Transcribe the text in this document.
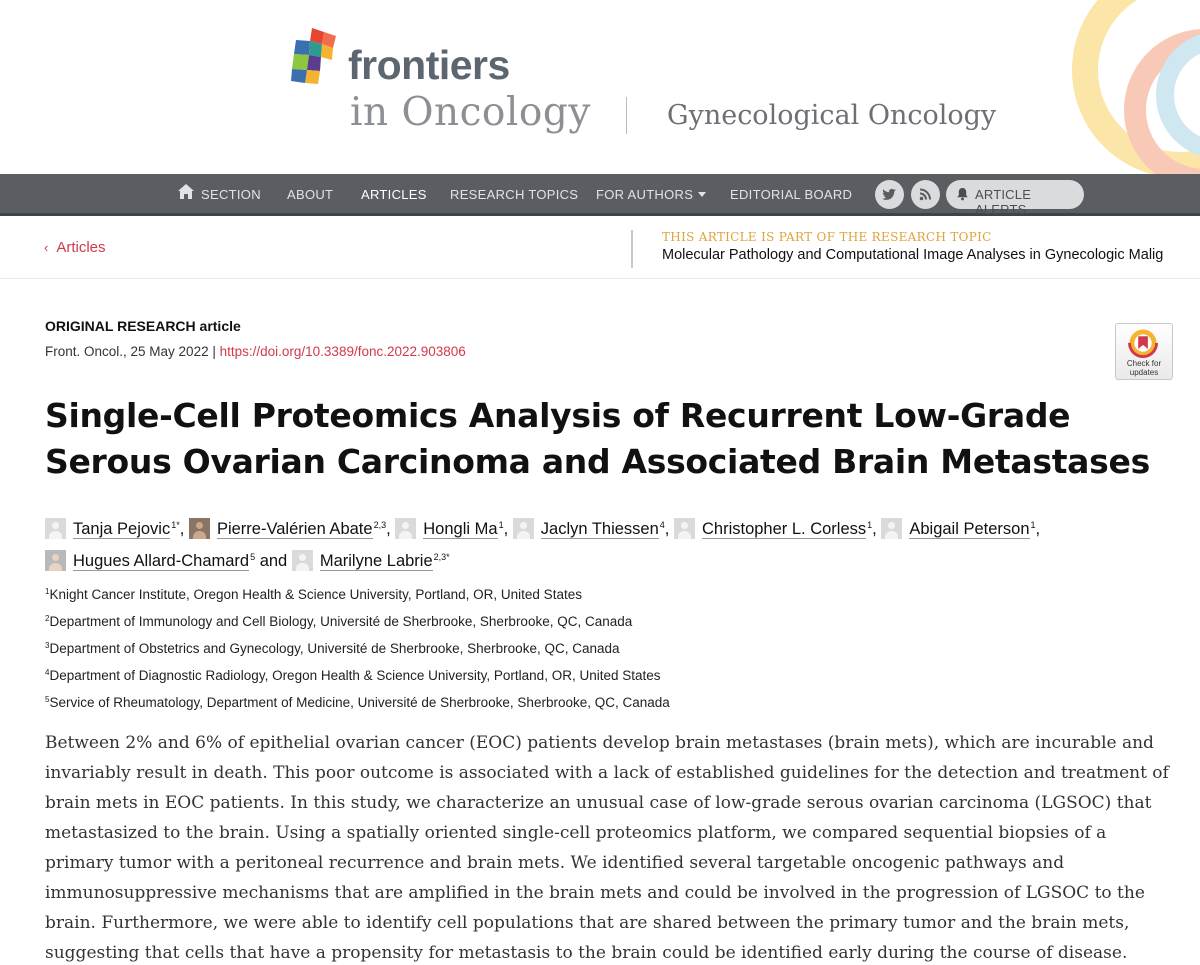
frontiers
in Oncology	Gynecological Oncology
SECTION ABOUT ARTICLES RESEARCH TOPICS FOR AUTHORS	EDITORIAL BOARD	ARTICLE ALERTS
‹ Articles
THIS ARTICLE IS PART OF THE RESEARCH TOPIC
Molecular Pathology and Computational Image Analyses in Gynecologic Malig
ORIGINAL RESEARCH article
Front. Oncol., 25 May 2022 | https://doi.org/10.3389/fonc.2022.903806
Check for updates
Single-Cell Proteomics Analysis of Recurrent Low-Grade Serous Ovarian Carcinoma and Associated Brain Metastases
Tanja Pejovic$^{1*}$, Pierre-Valérien Abate$^{2,3}$, Hongli Ma$^1$, Jaclyn Thiessen$^4$, Christopher L. Corless$^1$, Abigail Peterson$^1$,
Hugues Allard-Chamard$^5$ and Marilyne Labrie$^{2,3*}$
$^1$Knight Cancer Institute, Oregon Health & Science University, Portland, OR, United States
$^2$Department of Immunology and Cell Biology, Université de Sherbrooke, Sherbrooke, QC, Canada
$^3$Department of Obstetrics and Gynecology, Université de Sherbrooke, Sherbrooke, QC, Canada
$^4$Department of Diagnostic Radiology, Oregon Health & Science University, Portland, OR, United States
$^5$Service of Rheumatology, Department of Medicine, Université de Sherbrooke, Sherbrooke, QC, Canada

Between 2% and 6% of epithelial ovarian cancer (EOC) patients develop brain metastases (brain mets), which are incurable and invariably result in death. This poor outcome is associated with a lack of established guidelines for the detection and treatment of brain mets in EOC patients. In this study, we characterize an unusual case of low-grade serous ovarian carcinoma (LGSOC) that metastasized to the brain. Using a spatially oriented single-cell proteomics platform, we compared sequential biopsies of a primary tumor with a peritoneal recurrence and brain mets. We identified several targetable oncogenic pathways and immunosuppressive mechanisms that are amplified in the brain mets and could be involved in the progression of LGSOC to the brain. Furthermore, we were able to identify cell populations that are shared between the primary tumor and the brain mets, suggesting that cells that have a propensity for metastasis to the brain could be identified early during the course of disease.
